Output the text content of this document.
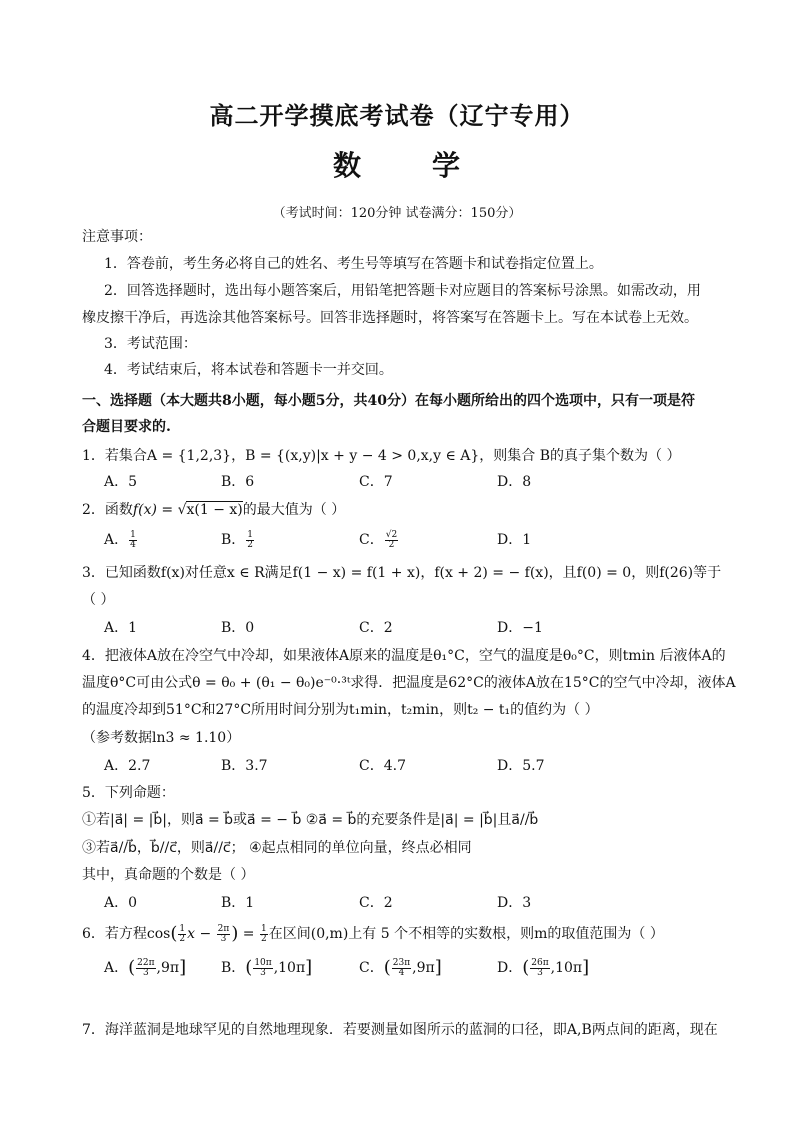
高二开学摸底考试卷（辽宁专用）
数	学
（考试时间：120分钟 试卷满分：150分）
注意事项：
1．答卷前，考生务必将自己的姓名、考生号等填写在答题卡和试卷指定位置上。
2．回答选择题时，选出每小题答案后，用铅笔把答题卡对应题目的答案标号涂黑。如需改动，用
橡皮擦干净后，再选涂其他答案标号。回答非选择题时，将答案写在答题卡上。写在本试卷上无效。
3．考试范围：
4．考试结束后，将本试卷和答题卡一并交回。
一、选择题（本大题共8小题，每小题5分，共40分）在每小题所给出的四个选项中，只有一项是符
合题目要求的.
1．若集合A = {1,2,3}，B = {(x,y)|x + y − 4 > 0,x,y ∈ A}，则集合 B的真子集个数为（ ）
A．5	B．6	C．7	D．8
2．函数f(x) = √x(1 − x)的最大值为（ ）
A． $\frac{1}{4}$	B． $\frac{1}{2}$	C． $\frac{√2}{2}$	D．1
3．已知函数f(x)对任意x ∈ R满足f(1 − x) = f(1 + x)，f(x + 2) = − f(x)，且f(0) = 0，则f(26)等于
（ ）
A．1	B．0	C．2	D．−1
4．把液体A放在冷空气中冷却，如果液体A原来的温度是θ₁°C，空气的温度是θ₀°C，则tmin 后液体A的
温度θ°C可由公式θ = θ₀ + (θ₁ − θ₀)e⁻⁰·³ᵗ求得．把温度是62°C的液体A放在15°C的空气中冷却，液体A
的温度冷却到51°C和27°C所用时间分别为t₁min，t₂min，则t₂ − t₁的值约为（ ）
（参考数据ln3 ≈ 1.10）
A．2.7	B．3.7	C．4.7	D．5.7
5．下列命题：
①若|a⃗| = |b⃗|，则a⃗ = b⃗或a⃗ = − b⃗ ②a⃗ = b⃗的充要条件是|a⃗| = |b⃗|且a⃗//b⃗
③若a⃗//b⃗，b⃗//c⃗，则a⃗//c⃗； ④起点相同的单位向量，终点必相同
其中，真命题的个数是（ ）
A．0	B．1	C．2	D．3
6．若方程$\cos( \frac{1}{2}$ $x - \frac{2\pi}{3}$ ) = $\frac{1}{2}$ 在区间(0,m)上有 5 个不相等的实数根，则m的取值范围为（ ）
A．( $\frac{22\pi}{3} ,9\pi$] B．( $\frac{10\pi}{3} ,10\pi$]	C．( $\frac{23\pi}{4} ,9\pi$]	D．( $\frac{26\pi}{3} ,10\pi$]
7．海洋蓝洞是地球罕见的自然地理现象．若要测量如图所示的蓝洞的口径，即A,B两点间的距离，现在
